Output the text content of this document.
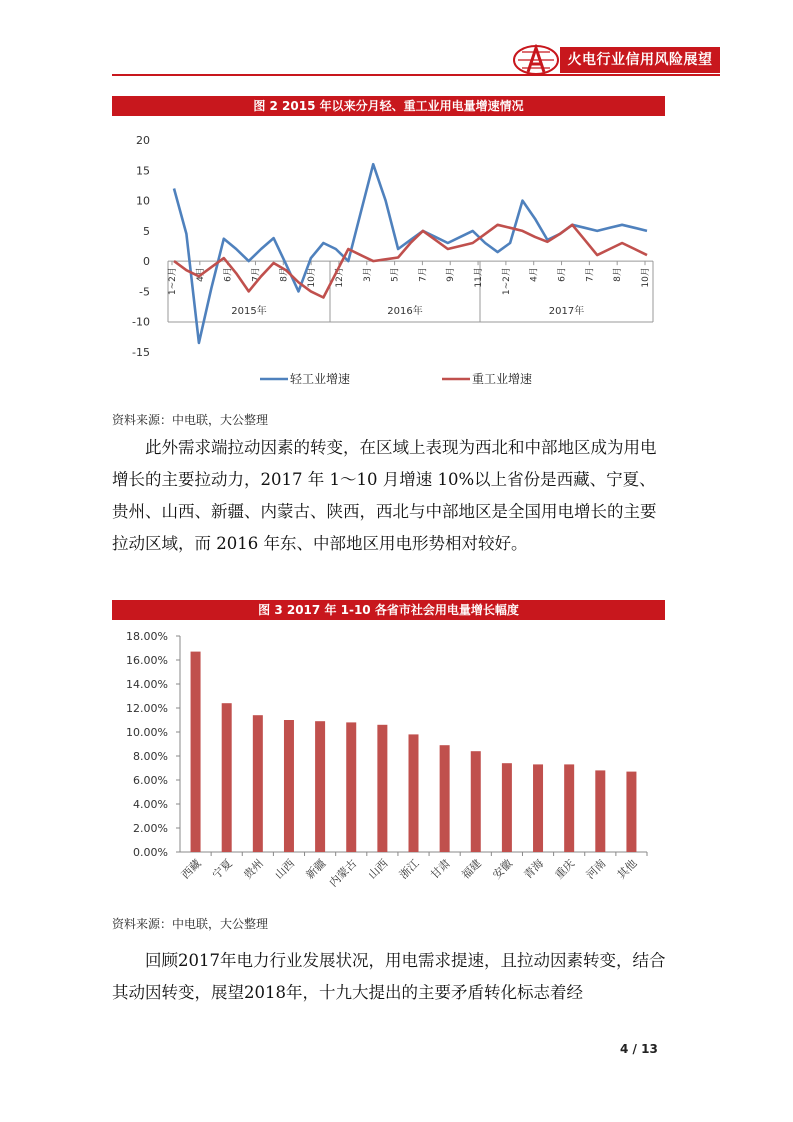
火电行业信用风险展望
图 2 2015 年以来分月轻、重工业用电量增速情况
-15
-10
-5
0
5
10
15
20
2015年	2016年	2017年
1~2月 4月 6月 7月 8月 10月 12月 3月 5月 7月 9月 11月 1~2月 4月 6月 7月 8月 10月
轻工业增速	重工业增速
资料来源：中电联，大公整理

此外需求端拉动因素的转变，在区域上表现为西北和中部地区成为用电增长的主要拉动力，2017 年 1～10 月增速 10%以上省份是西藏、宁夏、贵州、山西、新疆、内蒙古、陕西，西北与中部地区是全国用电增长的主要拉动区域，而 2016 年东、中部地区用电形势相对较好。

图 3 2017 年 1-10 各省市社会用电量增长幅度
0.00%
2.00%
4.00%
6.00%
8.00%
10.00%
12.00%
14.00%
16.00%
18.00%
西藏 宁夏 贵州 山西 新疆
内蒙古 山西 浙江 甘肃 福建 安徽 青海 重庆 河南 其他
资料来源：中电联，大公整理

回顾2017年电力行业发展状况，用电需求提速，且拉动因素转变，结合其动因转变，展望2018年，十九大提出的主要矛盾转化标志着经

4 / 13
